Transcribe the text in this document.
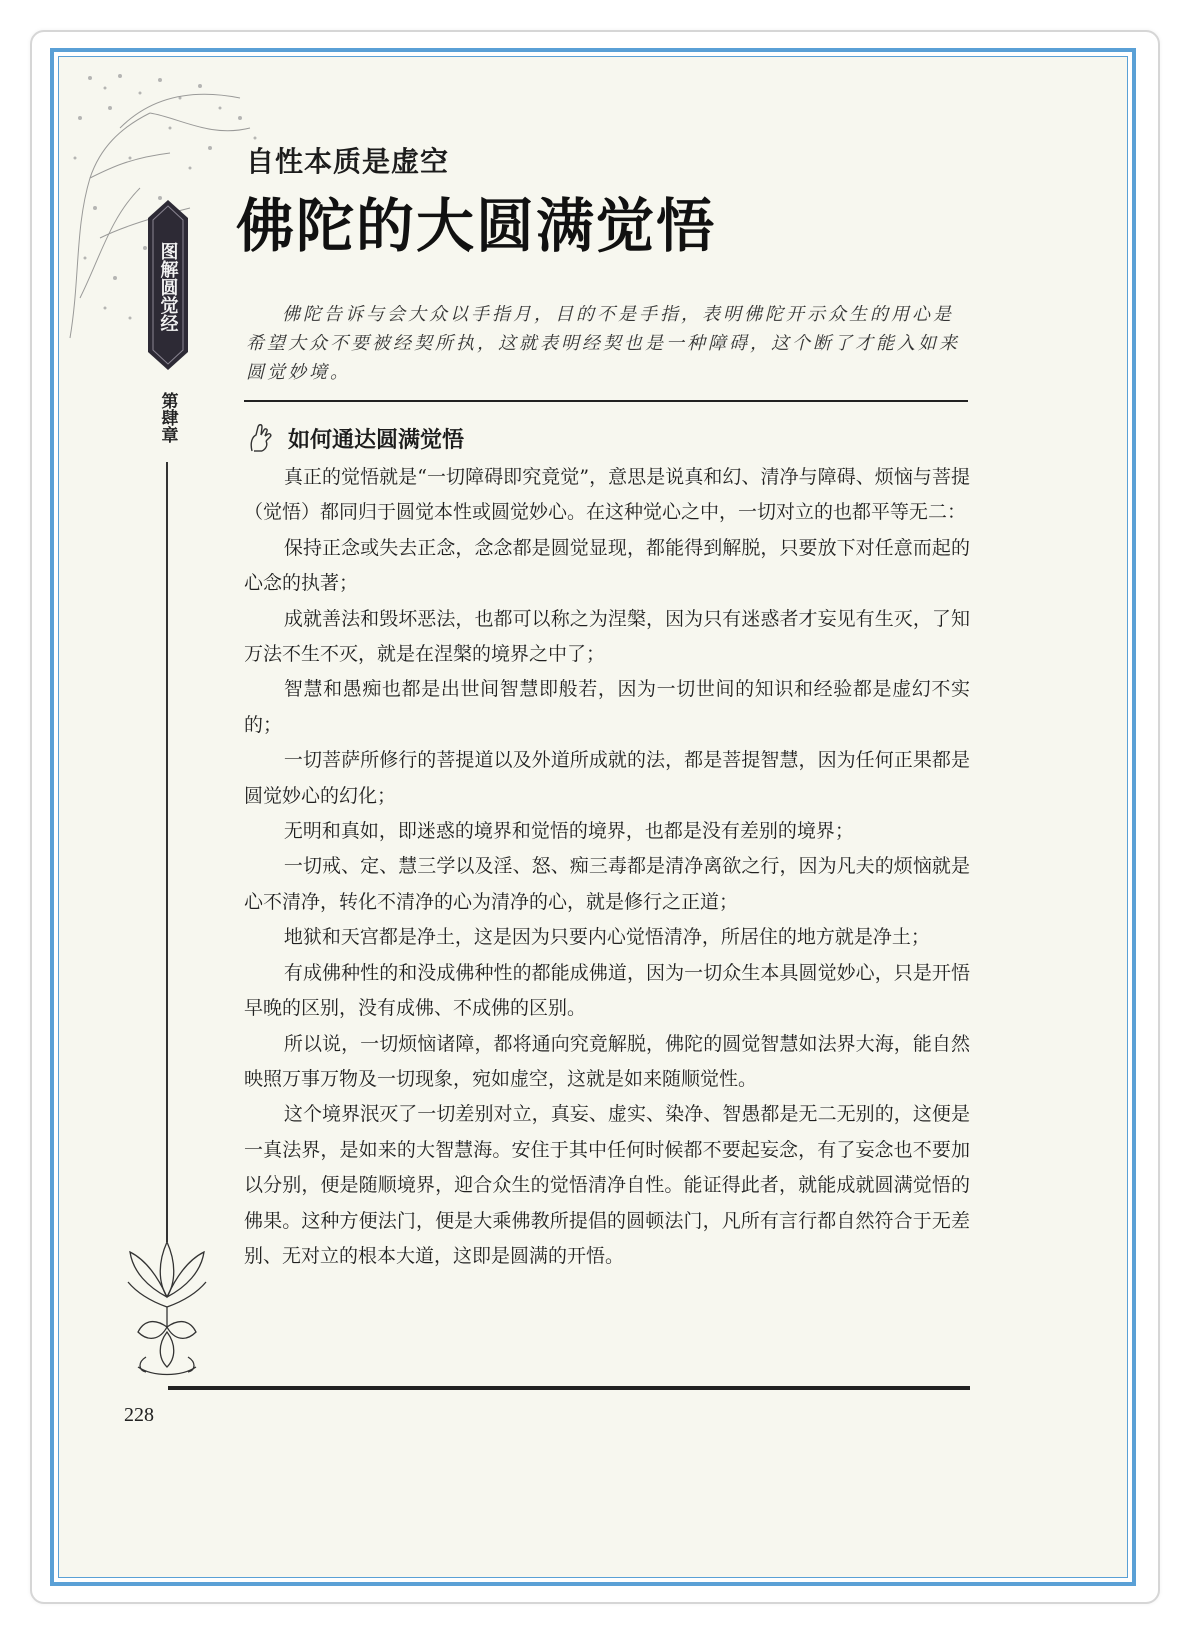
图解圆觉经
第肆章
自性本质是虚空
佛陀的大圆满觉悟

佛陀告诉与会大众以手指月，目的不是手指，表明佛陀开示众生的用心是希望大众不要被经契所执，这就表明经契也是一种障碍，这个断了才能入如来圆觉妙境。

如何通达圆满觉悟

真正的觉悟就是“一切障碍即究竟觉”，意思是说真和幻、清净与障碍、烦恼与菩提（觉悟）都同归于圆觉本性或圆觉妙心。在这种觉心之中，一切对立的也都平等无二：

保持正念或失去正念，念念都是圆觉显现，都能得到解脱，只要放下对任意而起的心念的执著；

成就善法和毁坏恶法，也都可以称之为涅槃，因为只有迷惑者才妄见有生灭，了知万法不生不灭，就是在涅槃的境界之中了；

智慧和愚痴也都是出世间智慧即般若，因为一切世间的知识和经验都是虚幻不实的；

一切菩萨所修行的菩提道以及外道所成就的法，都是菩提智慧，因为任何正果都是圆觉妙心的幻化；

无明和真如，即迷惑的境界和觉悟的境界，也都是没有差别的境界；

一切戒、定、慧三学以及淫、怒、痴三毒都是清净离欲之行，因为凡夫的烦恼就是心不清净，转化不清净的心为清净的心，就是修行之正道；

地狱和天宫都是净土，这是因为只要内心觉悟清净，所居住的地方就是净土；

有成佛种性的和没成佛种性的都能成佛道，因为一切众生本具圆觉妙心，只是开悟早晚的区别，没有成佛、不成佛的区别。

所以说，一切烦恼诸障，都将通向究竟解脱，佛陀的圆觉智慧如法界大海，能自然映照万事万物及一切现象，宛如虚空，这就是如来随顺觉性。

这个境界泯灭了一切差别对立，真妄、虚实、染净、智愚都是无二无别的，这便是一真法界，是如来的大智慧海。安住于其中任何时候都不要起妄念，有了妄念也不要加以分别，便是随顺境界，迎合众生的觉悟清净自性。能证得此者，就能成就圆满觉悟的佛果。这种方便法门，便是大乘佛教所提倡的圆顿法门，凡所有言行都自然符合于无差别、无对立的根本大道，这即是圆满的开悟。

228
